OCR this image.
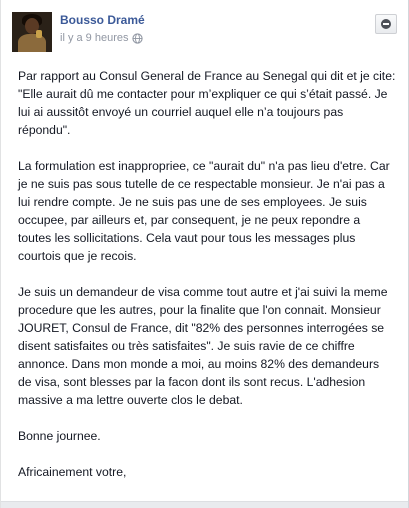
Bousso Dramé
il y a 9 heures

Par rapport au Consul General de France au Senegal qui dit et je cite: "Elle aurait dû me contacter pour m’expliquer ce qui s’était passé. Je lui ai aussitôt envoyé un courriel auquel elle n’a toujours pas répondu".

La formulation est inappropriee, ce "aurait du" n'a pas lieu d'etre. Car je ne suis pas sous tutelle de ce respectable monsieur. Je n'ai pas a lui rendre compte. Je ne suis pas une de ses employees. Je suis occupee, par ailleurs et, par consequent, je ne peux repondre a toutes les sollicitations. Cela vaut pour tous les messages plus courtois que je recois.

Je suis un demandeur de visa comme tout autre et j'ai suivi la meme procedure que les autres, pour la finalite que l'on connait. Monsieur JOURET, Consul de France, dit "82% des personnes interrogées se disent satisfaites ou très satisfaites". Je suis ravie de ce chiffre annonce. Dans mon monde a moi, au moins 82% des demandeurs de visa, sont blesses par la facon dont ils sont recus. L'adhesion massive a ma lettre ouverte clos le debat.

Bonne journee.

Africainement votre,
